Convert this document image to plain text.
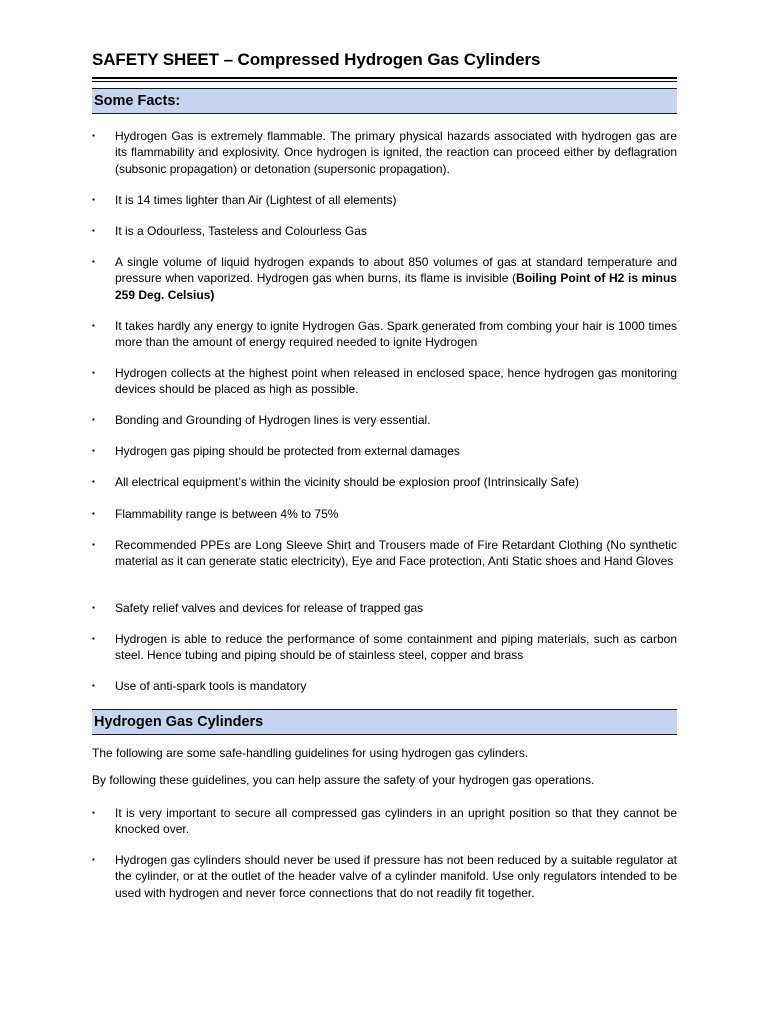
SAFETY SHEET – Compressed Hydrogen Gas Cylinders
Some Facts:
▪ Hydrogen Gas is extremely flammable. The primary physical hazards associated with hydrogen gas are its flammability and explosivity. Once hydrogen is ignited, the reaction can proceed either by deflagration (subsonic propagation) or detonation (supersonic propagation).
▪ It is 14 times lighter than Air (Lightest of all elements)
▪ It is a Odourless, Tasteless and Colourless Gas
▪ A single volume of liquid hydrogen expands to about 850 volumes of gas at standard temperature and pressure when vaporized. Hydrogen gas when burns, its flame is invisible (Boiling Point of H2 is minus 259 Deg. Celsius)
▪ It takes hardly any energy to ignite Hydrogen Gas. Spark generated from combing your hair is 1000 times more than the amount of energy required needed to ignite Hydrogen
▪ Hydrogen collects at the highest point when released in enclosed space, hence hydrogen gas monitoring devices should be placed as high as possible.
▪ Bonding and Grounding of Hydrogen lines is very essential.
▪ Hydrogen gas piping should be protected from external damages
▪ All electrical equipment’s within the vicinity should be explosion proof (Intrinsically Safe)
▪ Flammability range is between 4% to 75%
▪ Recommended PPEs are Long Sleeve Shirt and Trousers made of Fire Retardant Clothing (No synthetic material as it can generate static electricity), Eye and Face protection, Anti Static shoes and Hand Gloves
▪ Safety relief valves and devices for release of trapped gas
▪ Hydrogen is able to reduce the performance of some containment and piping materials, such as carbon steel. Hence tubing and piping should be of stainless steel, copper and brass
▪ Use of anti-spark tools is mandatory
Hydrogen Gas Cylinders
The following are some safe-handling guidelines for using hydrogen gas cylinders.
By following these guidelines, you can help assure the safety of your hydrogen gas operations.
▪ It is very important to secure all compressed gas cylinders in an upright position so that they cannot be knocked over.
▪ Hydrogen gas cylinders should never be used if pressure has not been reduced by a suitable regulator at the cylinder, or at the outlet of the header valve of a cylinder manifold. Use only regulators intended to be used with hydrogen and never force connections that do not readily fit together.
